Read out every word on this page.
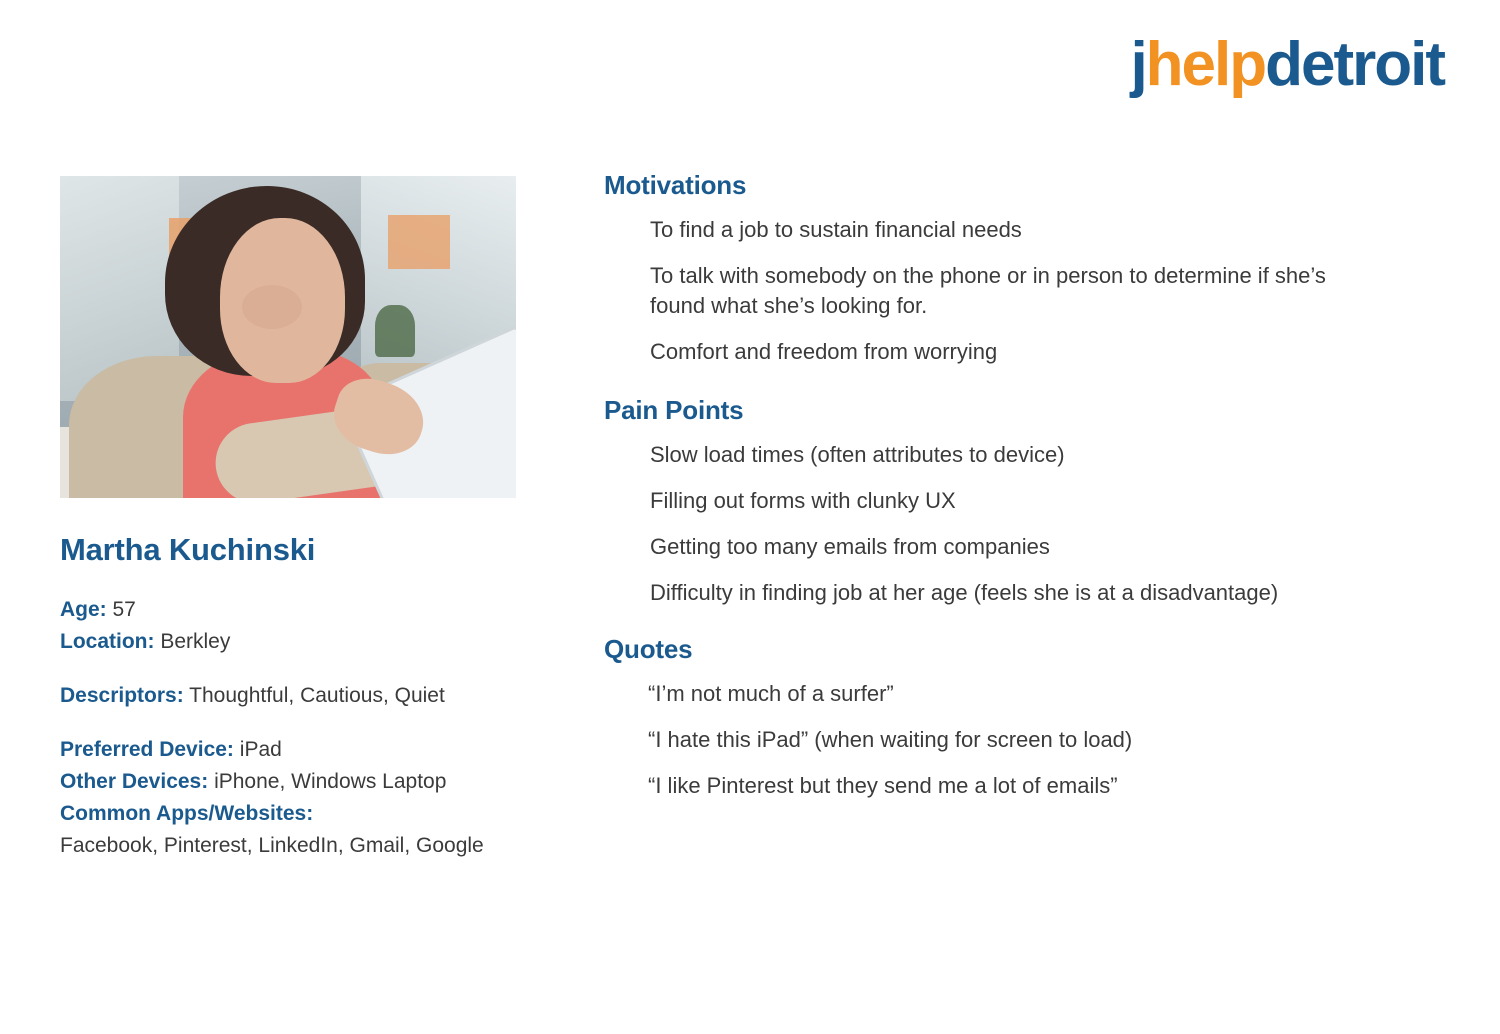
jhelpdetroit
Martha Kuchinski
Age: 57
Location: Berkley
Descriptors: Thoughtful, Cautious, Quiet
Preferred Device: iPad
Other Devices: iPhone, Windows Laptop
Common Apps/Websites:
Facebook, Pinterest, LinkedIn, Gmail, Google
Motivations
To find a job to sustain financial needs
To talk with somebody on the phone or in person to determine if she’s found what she’s looking for.
Comfort and freedom from worrying
Pain Points
Slow load times (often attributes to device)
Filling out forms with clunky UX
Getting too many emails from companies
Difficulty in finding job at her age (feels she is at a disadvantage)
Quotes
“I’m not much of a surfer”
“I hate this iPad” (when waiting for screen to load)
“I like Pinterest but they send me a lot of emails”
